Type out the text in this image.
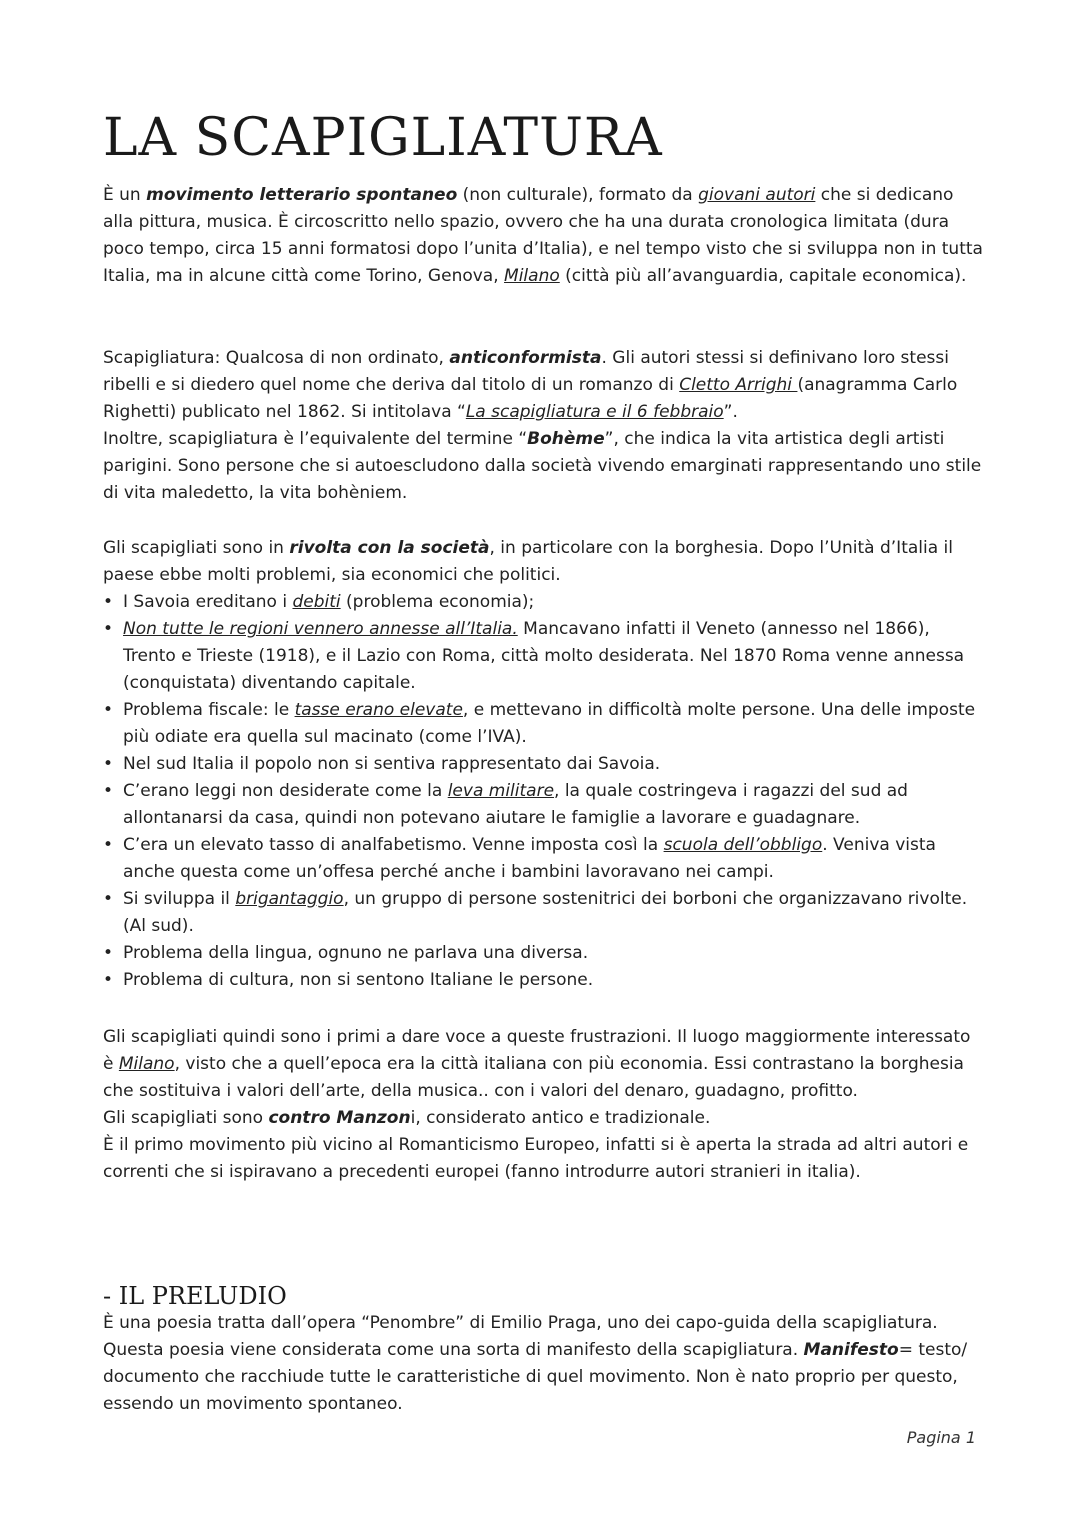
LA SCAPIGLIATURA

È un movimento letterario spontaneo (non culturale), formato da giovani autori che si dedicano alla pittura, musica. È circoscritto nello spazio, ovvero che ha una durata cronologica limitata (dura poco tempo, circa 15 anni formatosi dopo l’unita d’Italia), e nel tempo visto che si sviluppa non in tutta Italia, ma in alcune città come Torino, Genova, Milano (città più all’avanguardia, capitale economica).

Scapigliatura: Qualcosa di non ordinato, anticonformista. Gli autori stessi si definivano loro stessi ribelli e si diedero quel nome che deriva dal titolo di un romanzo di Cletto Arrighi (anagramma Carlo Righetti) publicato nel 1862. Si intitolava “La scapigliatura e il 6 febbraio”.

Inoltre, scapigliatura è l’equivalente del termine “Bohème”, che indica la vita artistica degli artisti parigini. Sono persone che si autoescludono dalla società vivendo emarginati rappresentando uno stile di vita maledetto, la vita bohèniem.

Gli scapigliati sono in rivolta con la società, in particolare con la borghesia. Dopo l’Unità d’Italia il paese ebbe molti problemi, sia economici che politici.

• I Savoia ereditano i debiti (problema economia);
• Non tutte le regioni vennero annesse all’Italia. Mancavano infatti il Veneto (annesso nel 1866), Trento e Trieste (1918), e il Lazio con Roma, città molto desiderata. Nel 1870 Roma venne annessa (conquistata) diventando capitale.
• Problema fiscale: le tasse erano elevate, e mettevano in difficoltà molte persone. Una delle imposte più odiate era quella sul macinato (come l’IVA).
• Nel sud Italia il popolo non si sentiva rappresentato dai Savoia.
• C’erano leggi non desiderate come la leva militare, la quale costringeva i ragazzi del sud ad allontanarsi da casa, quindi non potevano aiutare le famiglie a lavorare e guadagnare.
• C’era un elevato tasso di analfabetismo. Venne imposta così la scuola dell’obbligo. Veniva vista anche questa come un’offesa perché anche i bambini lavoravano nei campi.
• Si sviluppa il brigantaggio, un gruppo di persone sostenitrici dei borboni che organizzavano rivolte. (Al sud).
• Problema della lingua, ognuno ne parlava una diversa.
• Problema di cultura, non si sentono Italiane le persone.

Gli scapigliati quindi sono i primi a dare voce a queste frustrazioni. Il luogo maggiormente interessato è Milano, visto che a quell’epoca era la città italiana con più economia. Essi contrastano la borghesia che sostituiva i valori dell’arte, della musica.. con i valori del denaro, guadagno, profitto.

Gli scapigliati sono contro Manzoni, considerato antico e tradizionale.

È il primo movimento più vicino al Romanticismo Europeo, infatti si è aperta la strada ad altri autori e correnti che si ispiravano a precedenti europei (fanno introdurre autori stranieri in italia).

- IL PRELUDIO

È una poesia tratta dall’opera “Penombre” di Emilio Praga, uno dei capo-guida della scapigliatura. Questa poesia viene considerata come una sorta di manifesto della scapigliatura. Manifesto= testo/ documento che racchiude tutte le caratteristiche di quel movimento. Non è nato proprio per questo, essendo un movimento spontaneo.

Pagina 1
